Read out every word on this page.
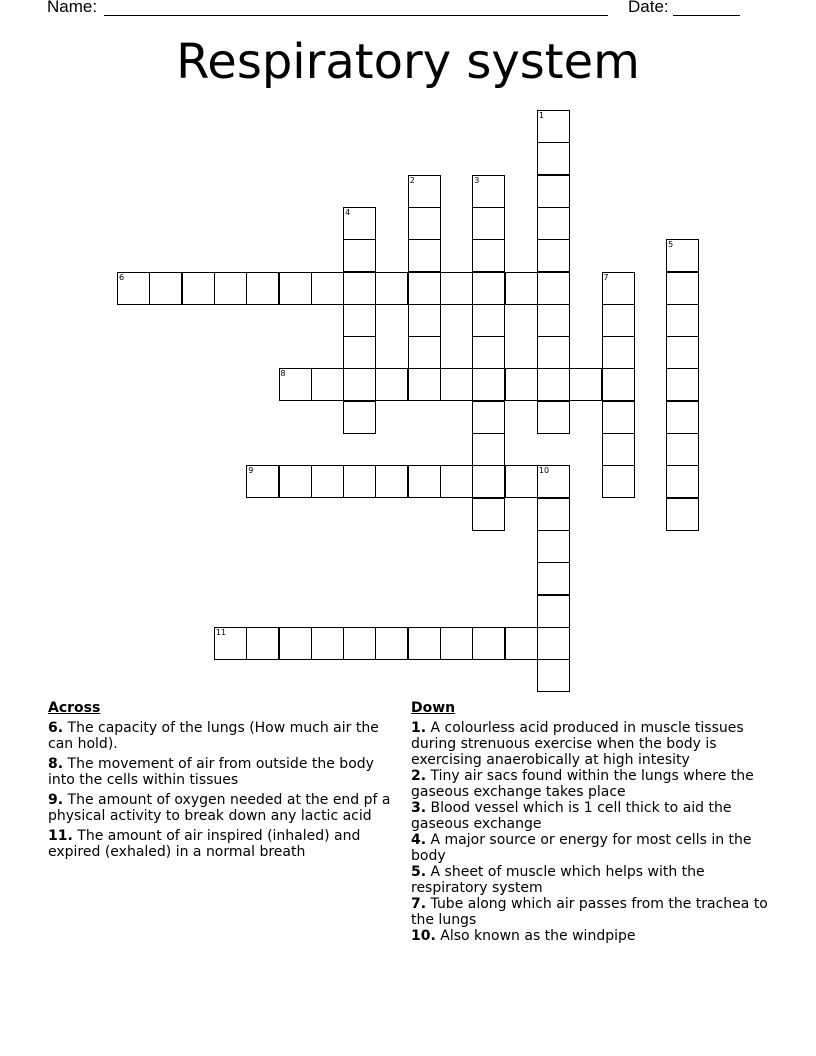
Name:	Date:
Respiratory system
1
2	3
4
5
6	7
8
9	10
11
Across
6. The capacity of the lungs (How much air the can hold).
8. The movement of air from outside the body into the cells within tissues
9. The amount of oxygen needed at the end pf a physical activity to break down any lactic acid
11. The amount of air inspired (inhaled) and expired (exhaled) in a normal breath
Down
1. A colourless acid produced in muscle tissues during strenuous exercise when the body is exercising anaerobically at high intesity
2. Tiny air sacs found within the lungs where the gaseous exchange takes place
3. Blood vessel which is 1 cell thick to aid the gaseous exchange
4. A major source or energy for most cells in the body
5. A sheet of muscle which helps with the respiratory system
7. Tube along which air passes from the trachea to the lungs
10. Also known as the windpipe
